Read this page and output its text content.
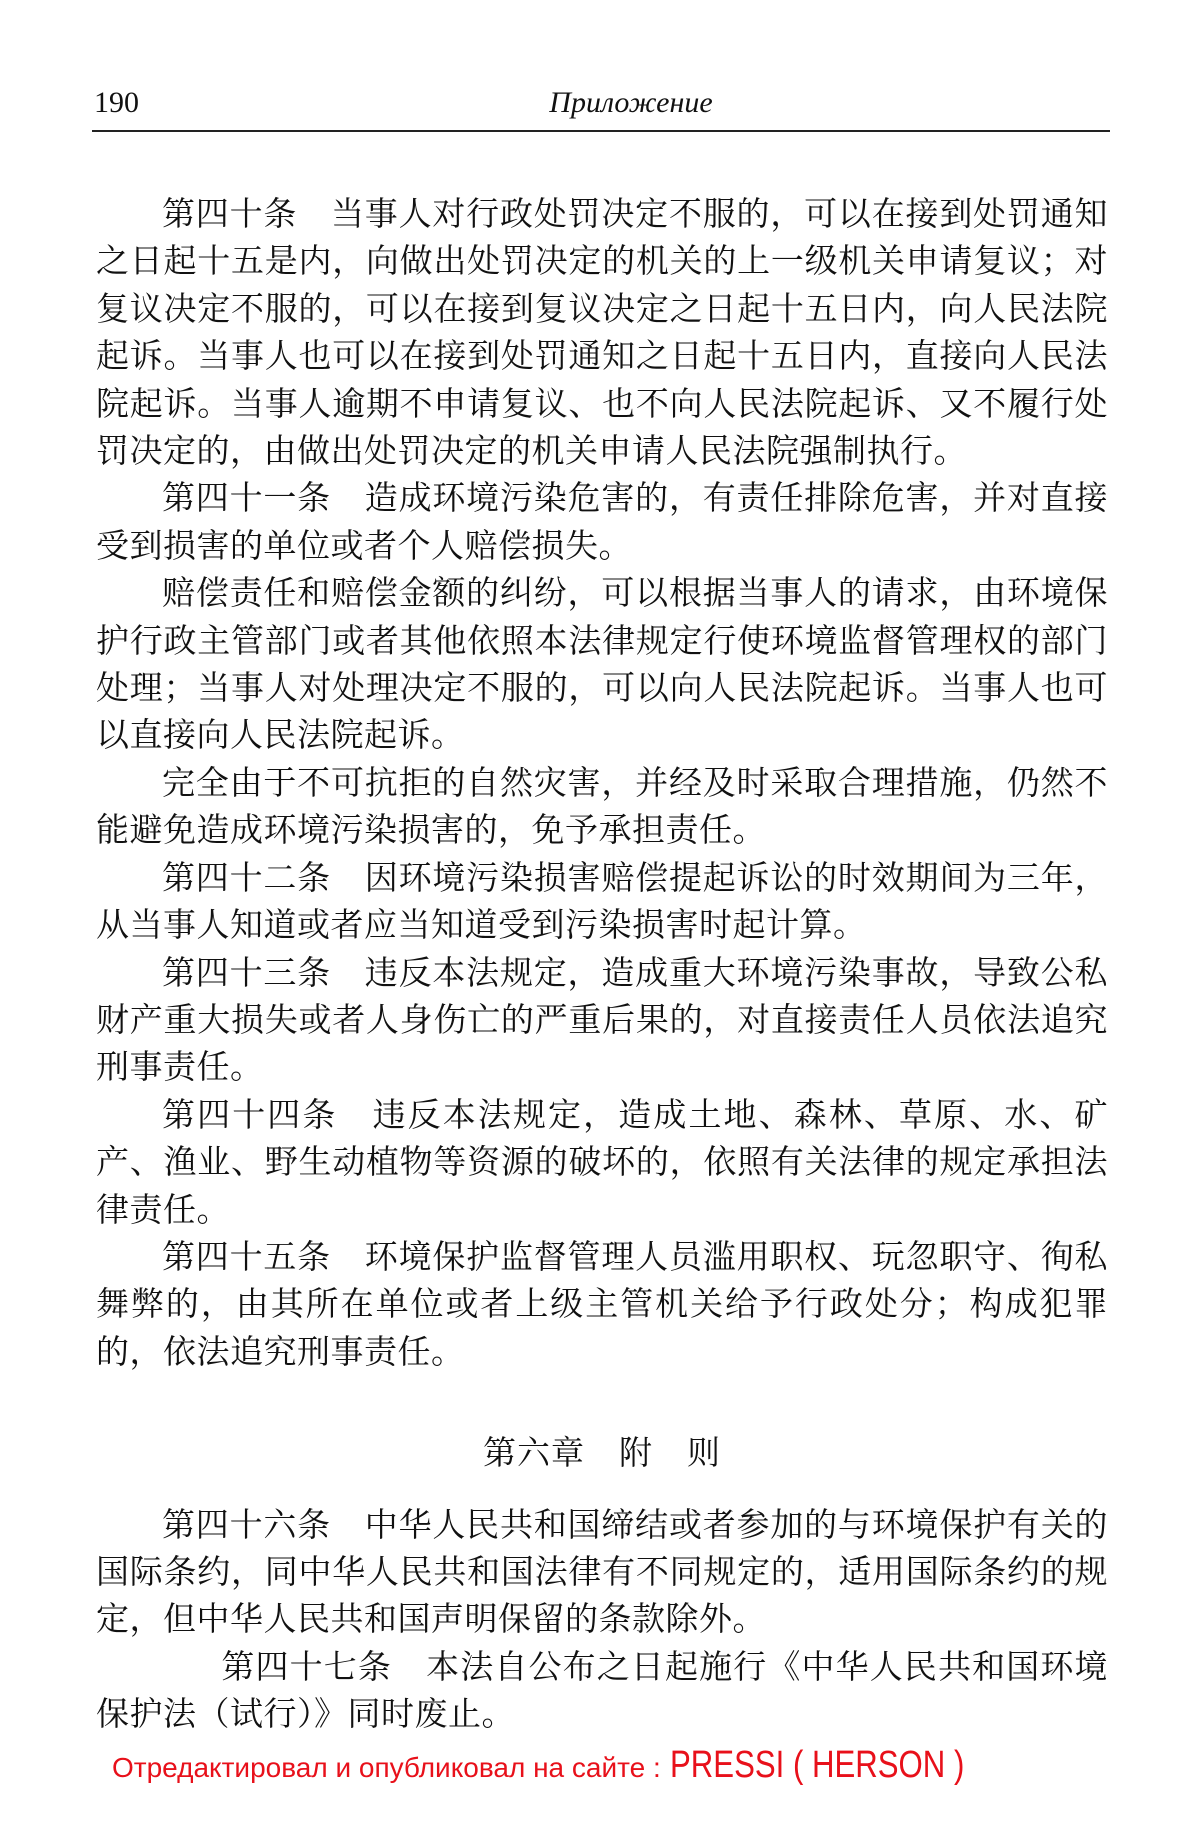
190	Приложение

第四十条　当事人对行政处罚决定不服的，可以在接到处罚通知之日起十五是内，向做出处罚决定的机关的上一级机关申请复议；对复议决定不服的，可以在接到复议决定之日起十五日内，向人民法院起诉。当事人也可以在接到处罚通知之日起十五日内，直接向人民法院起诉。当事人逾期不申请复议、也不向人民法院起诉、又不履行处罚决定的，由做出处罚决定的机关申请人民法院强制执行。

第四十一条　造成环境污染危害的，有责任排除危害，并对直接受到损害的单位或者个人赔偿损失。

赔偿责任和赔偿金额的纠纷，可以根据当事人的请求，由环境保护行政主管部门或者其他依照本法律规定行使环境监督管理权的部门处理；当事人对处理决定不服的，可以向人民法院起诉。当事人也可以直接向人民法院起诉。

完全由于不可抗拒的自然灾害，并经及时采取合理措施，仍然不能避免造成环境污染损害的，免予承担责任。

第四十二条　因环境污染损害赔偿提起诉讼的时效期间为三年，从当事人知道或者应当知道受到污染损害时起计算。

第四十三条　违反本法规定，造成重大环境污染事故，导致公私财产重大损失或者人身伤亡的严重后果的，对直接责任人员依法追究刑事责任。

第四十四条　违反本法规定，造成土地、森林、草原、水、矿产、渔业、野生动植物等资源的破坏的，依照有关法律的规定承担法律责任。

第四十五条　环境保护监督管理人员滥用职权、玩忽职守、徇私舞弊的，由其所在单位或者上级主管机关给予行政处分；构成犯罪的，依法追究刑事责任。

第六章　附　则

第四十六条　中华人民共和国缔结或者参加的与环境保护有关的国际条约，同中华人民共和国法律有不同规定的，适用国际条约的规定，但中华人民共和国声明保留的条款除外。

第四十七条　本法自公布之日起施行《中华人民共和国环境保护法（试行）》同时废止。

Отредактировал и опубликовал на сайте : PRESSI ( HERSON )
